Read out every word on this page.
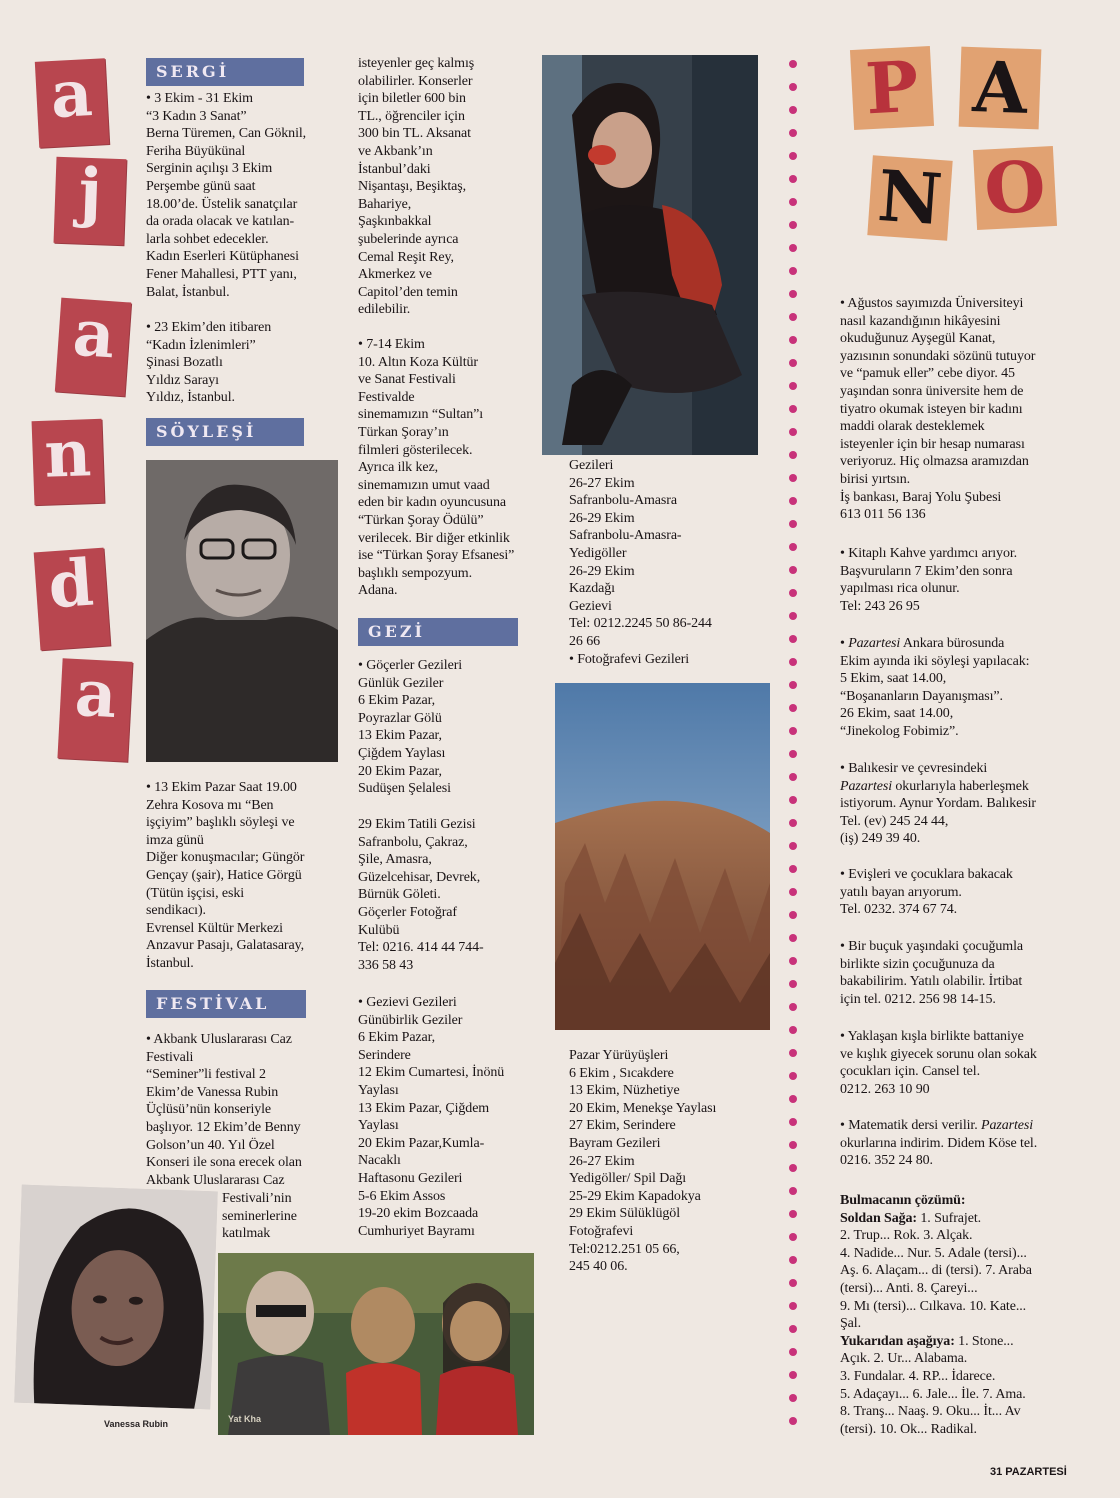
a
j
a
n
d
a
SERGİ
• 3 Ekim - 31 Ekim
“3 Kadın 3 Sanat”
Berna Türemen, Can Göknil,
Feriha Büyükünal
Serginin açılışı 3 Ekim
Perşembe günü saat
18.00’de. Üstelik sanatçılar
da orada olacak ve katılan-
larla sohbet edecekler.
Kadın Eserleri Kütüphanesi
Fener Mahallesi, PTT yanı,
Balat, İstanbul.
• 23 Ekim’den itibaren
“Kadın İzlenimleri”
Şinasi Bozatlı
Yıldız Sarayı
Yıldız, İstanbul.
SÖYLEŞİ
• 13 Ekim Pazar Saat 19.00
Zehra Kosova mı “Ben
işçiyim” başlıklı söyleşi ve
imza günü
Diğer konuşmacılar; Güngör
Gençay (şair), Hatice Görgü
(Tütün işçisi, eski
sendikacı).
Evrensel Kültür Merkezi
Anzavur Pasajı, Galatasaray,
İstanbul.
FESTİVAL
• Akbank Uluslararası Caz
Festivali
“Seminer”li festival 2
Ekim’de Vanessa Rubin
Üçlüsü’nün konseriyle
başlıyor. 12 Ekim’de Benny
Golson’un 40. Yıl Özel
Konseri ile sona erecek olan
Akbank Uluslararası Caz
Festivali’nin
seminerlerine
katılmak
Vanessa Rubin	Yat Kha
isteyenler geç kalmış
olabilirler. Konserler
için biletler 600 bin
TL., öğrenciler için
300 bin TL. Aksanat
ve Akbank’ın
İstanbul’daki
Nişantaşı, Beşiktaş,
Bahariye,
Şaşkınbakkal
şubelerinde ayrıca
Cemal Reşit Rey,
Akmerkez ve
Capitol’den temin
edilebilir.
• 7-14 Ekim
10. Altın Koza Kültür
ve Sanat Festivali
Festivalde
sinemamızın “Sultan”ı
Türkan Şoray’ın
filmleri gösterilecek.
Ayrıca ilk kez,
sinemamızın umut vaad
eden bir kadın oyuncusuna
“Türkan Şoray Ödülü”
verilecek. Bir diğer etkinlik
ise “Türkan Şoray Efsanesi”
başlıklı sempozyum.
Adana.
GEZİ
• Göçerler Gezileri
Günlük Geziler
6 Ekim Pazar,
Poyrazlar Gölü
13 Ekim Pazar,
Çiğdem Yaylası
20 Ekim Pazar,
Sudüşen Şelalesi
29 Ekim Tatili Gezisi
Safranbolu, Çakraz,
Şile, Amasra,
Güzelcehisar, Devrek,
Bürnük Göleti.
Göçerler Fotoğraf
Kulübü
Tel: 0216. 414 44 744-
336 58 43
• Gezievi Gezileri
Günübirlik Geziler
6 Ekim Pazar,
Serindere
12 Ekim Cumartesi, İnönü
Yaylası
13 Ekim Pazar, Çiğdem
Yaylası
20 Ekim Pazar,Kumla-
Nacaklı
Haftasonu Gezileri
5-6 Ekim Assos
19-20 ekim Bozcaada
Cumhuriyet Bayramı
Gezileri
26-27 Ekim
Safranbolu-Amasra
26-29 Ekim
Safranbolu-Amasra-
Yedigöller
26-29 Ekim
Kazdağı
Gezievi
Tel: 0212.2245 50 86-244
26 66
• Fotoğrafevi Gezileri
Pazar Yürüyüşleri
6 Ekim , Sıcakdere
13 Ekim, Nüzhetiye
20 Ekim, Menekşe Yaylası
27 Ekim, Serindere
Bayram Gezileri
26-27 Ekim
Yedigöller/ Spil Dağı
25-29 Ekim Kapadokya
29 Ekim Sülüklügöl
Fotoğrafevi
Tel:0212.251 05 66,
245 40 06.
P A
N O
• Ağustos sayımızda Üniversiteyi
nasıl kazandığının hikâyesini
okuduğunuz Ayşegül Kanat,
yazısının sonundaki sözünü tutuyor
ve “pamuk eller” cebe diyor. 45
yaşından sonra üniversite hem de
tiyatro okumak isteyen bir kadını
maddi olarak desteklemek
isteyenler için bir hesap numarası
veriyoruz. Hiç olmazsa aramızdan
birisi yırtsın.
İş bankası, Baraj Yolu Şubesi
613 011 56 136
• Kitaplı Kahve yardımcı arıyor.
Başvuruların 7 Ekim’den sonra
yapılması rica olunur.
Tel: 243 26 95
• Pazartesi Ankara bürosunda
Ekim ayında iki söyleşi yapılacak:
5 Ekim, saat 14.00,
“Boşananların Dayanışması”.
26 Ekim, saat 14.00,
“Jinekolog Fobimiz”.
• Balıkesir ve çevresindeki
Pazartesi okurlarıyla haberleşmek
istiyorum. Aynur Yordam. Balıkesir
Tel. (ev) 245 24 44,
(iş) 249 39 40.
• Evişleri ve çocuklara bakacak
yatılı bayan arıyorum.
Tel. 0232. 374 67 74.
• Bir buçuk yaşındaki çocuğumla
birlikte sizin çocuğunuza da
bakabilirim. Yatılı olabilir. İrtibat
için tel. 0212. 256 98 14-15.
• Yaklaşan kışla birlikte battaniye
ve kışlık giyecek sorunu olan sokak
çocukları için. Cansel tel.
0212. 263 10 90
• Matematik dersi verilir. Pazartesi
okurlarına indirim. Didem Köse tel.
0216. 352 24 80.
Bulmacanın çözümü:
Soldan Sağa: 1. Sufrajet.
2. Trup... Rok. 3. Alçak.
4. Nadide... Nur. 5. Adale (tersi)...
Aş. 6. Alaçam... di (tersi). 7. Araba
(tersi)... Anti. 8. Çareyi...
9. Mı (tersi)... Cılkava. 10. Kate...
Şal.
Yukarıdan aşağıya: 1. Stone...
Açık. 2. Ur... Alabama.
3. Fundalar. 4. RP... İdarece.
5. Adaçayı... 6. Jale... İle. 7. Ama.
8. Tranş... Naaş. 9. Oku... İt... Av
(tersi). 10. Ok... Radikal.
31 PAZARTESİ
